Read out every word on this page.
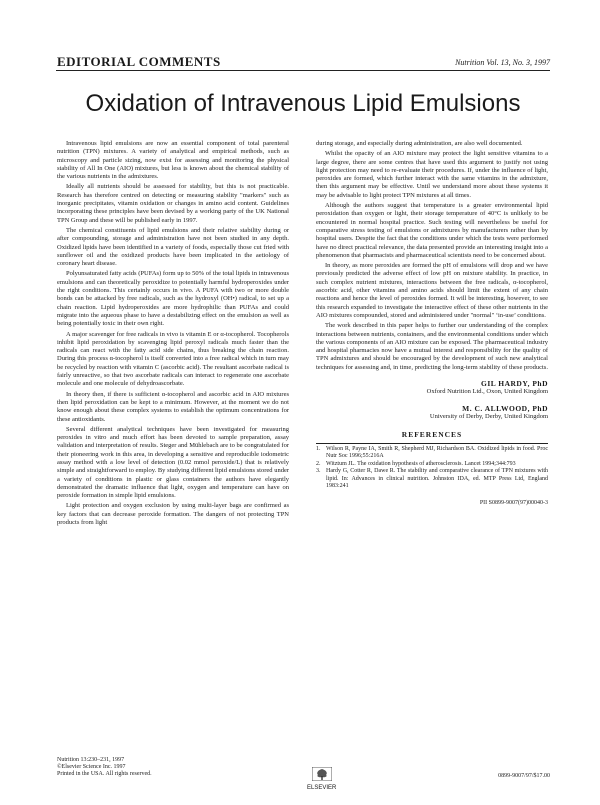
EDITORIAL COMMENTS	Nutrition Vol. 13, No. 3, 1997
Oxidation of Intravenous Lipid Emulsions

Intravenous lipid emulsions are now an essential component of total parenteral nutrition (TPN) mixtures. A variety of analytical and empirical methods, such as microscopy and particle sizing, now exist for assessing and monitoring the physical stability of All In One (AIO) mixtures, but less is known about the chemical stability of the various nutrients in the admixtures.

Ideally all nutrients should be assessed for stability, but this is not practicable. Research has therefore centred on detecting or measuring stability "markers" such as inorganic precipitates, vitamin oxidation or changes in amino acid content. Guidelines incorporating these principles have been devised by a working party of the UK National TPN Group and these will be published early in 1997.

The chemical constituents of lipid emulsions and their relative stability during or after compounding, storage and administration have not been studied in any depth. Oxidized lipids have been identified in a variety of foods, especially those cut fried with sunflower oil and the oxidized products have been implicated in the aetiology of coronary heart disease.

Polyunsaturated fatty acids (PUFAs) form up to 50% of the total lipids in intravenous emulsions and can theoretically peroxidize to potentially harmful hydroperoxides under the right conditions. This certainly occurs in vivo. A PUFA with two or more double bonds can be attacked by free radicals, such as the hydroxyl (OH•) radical, to set up a chain reaction. Lipid hydroperoxides are more hydrophilic than PUFAs and could migrate into the aqueous phase to have a destabilizing effect on the emulsion as well as being potentially toxic in their own right.

A major scavenger for free radicals in vivo is vitamin E or α-tocopherol. Tocopherols inhibit lipid peroxidation by scavenging lipid peroxyl radicals much faster than the radicals can react with the fatty acid side chains, thus breaking the chain reaction. During this process α-tocopherol is itself converted into a free radical which in turn may be recycled by reaction with vitamin C (ascorbic acid). The resultant ascorbate radical is fairly unreactive, so that two ascorbate radicals can interact to regenerate one ascorbate molecule and one molecule of dehydroascorbate.

In theory then, if there is sufficient α-tocopherol and ascorbic acid in AIO mixtures then lipid peroxidation can be kept to a minimum. However, at the moment we do not know enough about these complex systems to establish the optimum concentrations for these antioxidants.

Several different analytical techniques have been investigated for measuring peroxides in vitro and much effort has been devoted to sample preparation, assay validation and interpretation of results. Steger and Mühlebach are to be congratulated for their pioneering work in this area, in developing a sensitive and reproducible iodometric assay method with a low level of detection (0.02 mmol peroxide/L) that is relatively simple and straightforward to employ. By studying different lipid emulsions stored under a variety of conditions in plastic or glass containers the authors have elegantly demonstrated the dramatic influence that light, oxygen and temperature can have on peroxide formation in simple lipid emulsions.

Light protection and oxygen exclusion by using multi-layer bags are confirmed as key factors that can decrease peroxide formation. The dangers of not protecting TPN products from light

during storage, and especially during administration, are also well documented.

Whilst the opacity of an AIO mixture may protect the light sensitive vitamins to a large degree, there are some centres that have used this argument to justify not using light protection may need to re-evaluate their procedures. If, under the influence of light, peroxides are formed, which further interact with the same vitamins in the admixture, then this argument may be effective. Until we understand more about these systems it may be advisable to light protect TPN mixtures at all times.

Although the authors suggest that temperature is a greater environmental lipid peroxidation than oxygen or light, their storage temperature of 40°C is unlikely to be encountered in normal hospital practice. Such testing will nevertheless be useful for comparative stress testing of emulsions or admixtures by manufacturers rather than by hospital users. Despite the fact that the conditions under which the tests were performed have no direct practical relevance, the data presented provide an interesting insight into a phenomenon that pharmacists and pharmaceutical scientists need to be concerned about.

In theory, as more peroxides are formed the pH of emulsions will drop and we have previously predicted the adverse effect of low pH on mixture stability. In practice, in such complex nutrient mixtures, interactions between the free radicals, α-tocopherol, ascorbic acid, other vitamins and amino acids should limit the extent of any chain reactions and hence the level of peroxides formed. It will be interesting, however, to see this research expanded to investigate the interactive effect of these other nutrients in the AIO mixtures compounded, stored and administered under "normal" ‘in-use’ conditions.

The work described in this paper helps to further our understanding of the complex interactions between nutrients, containers, and the environmental conditions under which the various components of an AIO mixture can be exposed. The pharmaceutical industry and hospital pharmacies now have a mutual interest and responsibility for the quality of TPN admixtures and should be encouraged by the development of such new analytical techniques for assessing and, in time, predicting the long-term stability of these products.

GIL HARDY, PhD
Oxford Nutrition Ltd., Oxon, United Kingdom
M. C. ALLWOOD, PhD
University of Derby, Derby, United Kingdom
REFERENCES
1. Wilson R, Payne IA, Smith R, Shepherd MJ, Richardson BA. Oxidized lipids in food. Proc Nutr Soc 1996;55:216A
2. Witztum JL. The oxidation hypothesis of atherosclerosis. Lancet 1994;344:793
3. Hardy G, Cotter R, Dawe R. The stability and comparative clearance of TPN mixtures with lipid. In: Advances in clinical nutrition. Johnston IDA, ed. MTP Press Ltd, England 1983:241
PII S0899-9007(97)00040-3
Nutrition 13:230–231, 1997
©Elsevier Science Inc. 1997
Printed in the USA. All rights reserved.
ELSEVIER
0899-9007/97/$17.00
